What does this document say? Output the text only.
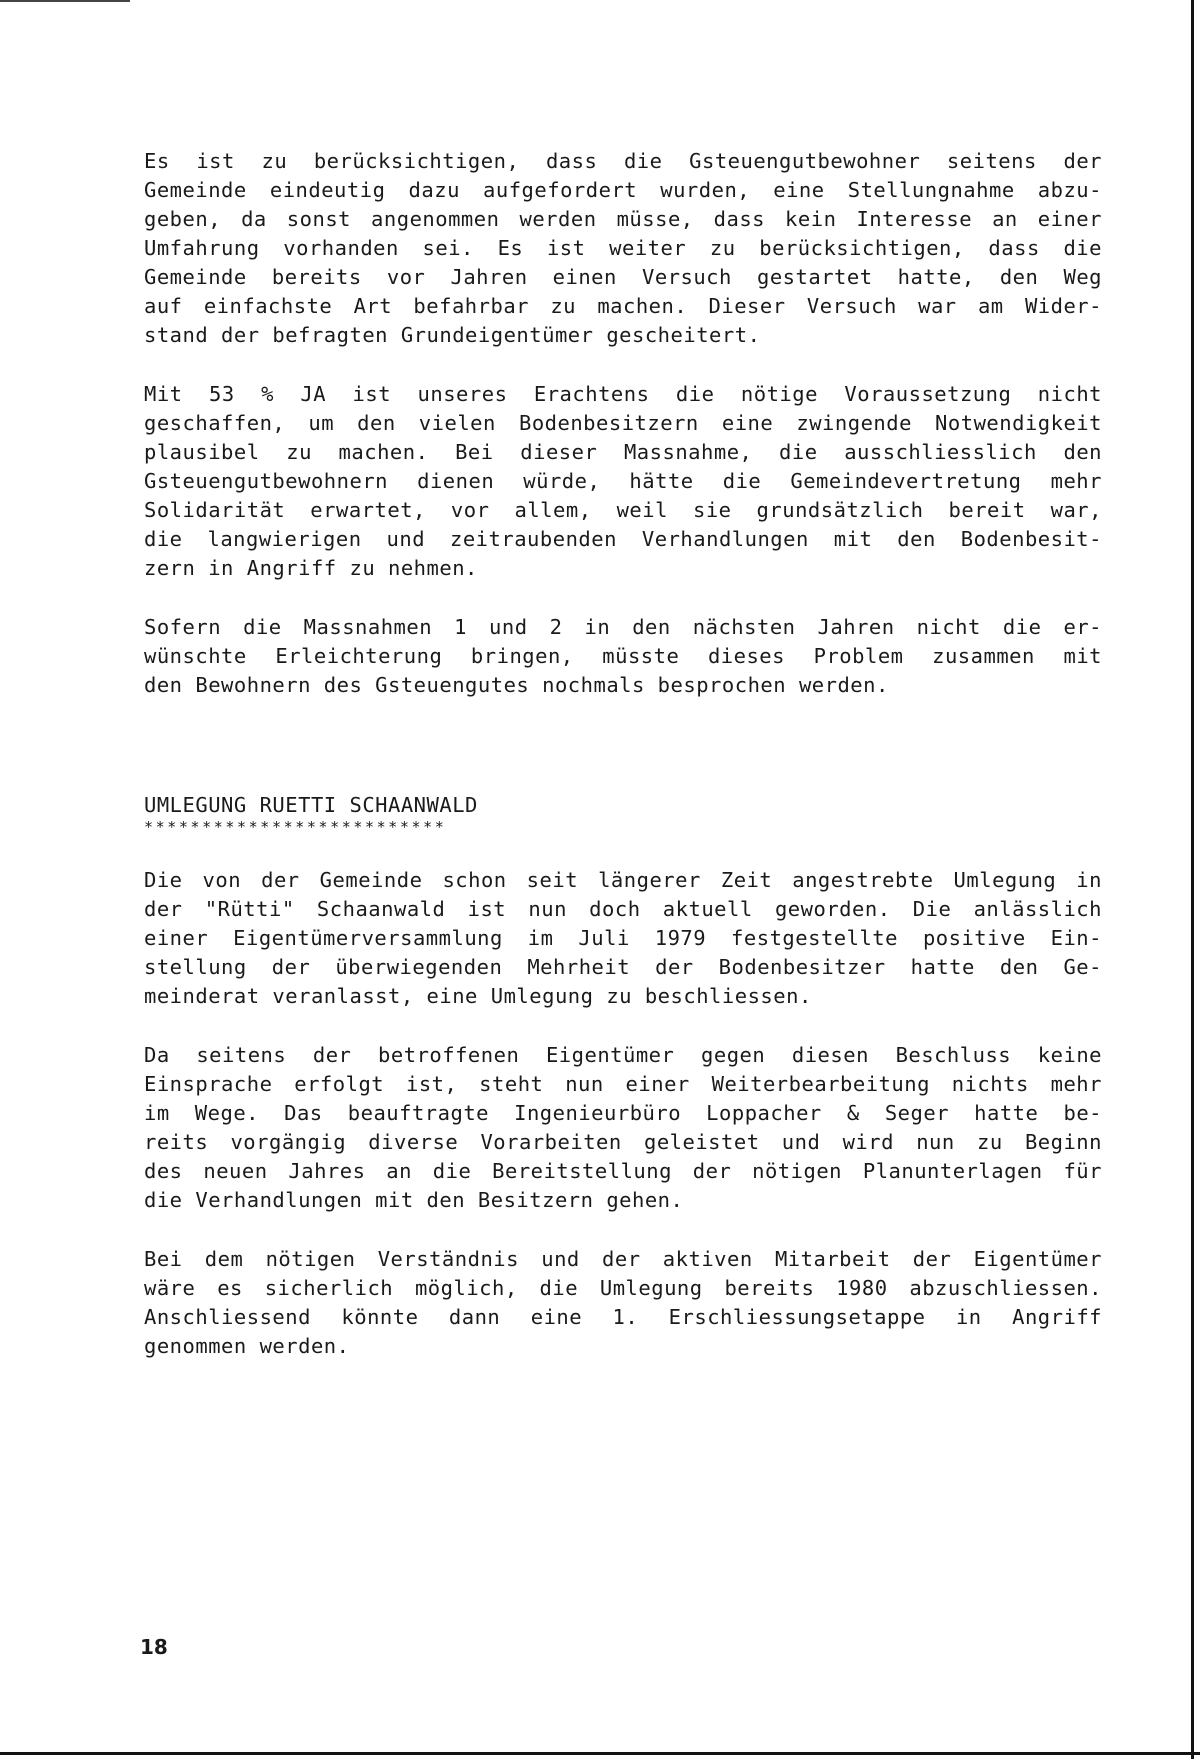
Es ist zu berücksichtigen, dass die Gsteuengutbewohner seitens der
Gemeinde eindeutig dazu aufgefordert wurden, eine Stellungnahme abzu-
geben, da sonst angenommen werden müsse, dass kein Interesse an einer
Umfahrung vorhanden sei. Es ist weiter zu berücksichtigen, dass die
Gemeinde bereits vor Jahren einen Versuch gestartet hatte, den Weg
auf einfachste Art befahrbar zu machen. Dieser Versuch war am Wider-
stand der befragten Grundeigentümer gescheitert.
Mit 53 % JA ist unseres Erachtens die nötige Voraussetzung nicht
geschaffen, um den vielen Bodenbesitzern eine zwingende Notwendigkeit
plausibel zu machen. Bei dieser Massnahme, die ausschliesslich den
Gsteuengutbewohnern dienen würde, hätte die Gemeindevertretung mehr
Solidarität erwartet, vor allem, weil sie grundsätzlich bereit war,
die langwierigen und zeitraubenden Verhandlungen mit den Bodenbesit-
zern in Angriff zu nehmen.
Sofern die Massnahmen 1 und 2 in den nächsten Jahren nicht die er-
wünschte Erleichterung bringen, müsste dieses Problem zusammen mit
den Bewohnern des Gsteuengutes nochmals besprochen werden.
UMLEGUNG RUETTI SCHAANWALD
**************************
Die von der Gemeinde schon seit längerer Zeit angestrebte Umlegung in
der "Rütti" Schaanwald ist nun doch aktuell geworden. Die anlässlich
einer Eigentümerversammlung im Juli 1979 festgestellte positive Ein-
stellung der überwiegenden Mehrheit der Bodenbesitzer hatte den Ge-
meinderat veranlasst, eine Umlegung zu beschliessen.
Da seitens der betroffenen Eigentümer gegen diesen Beschluss keine
Einsprache erfolgt ist, steht nun einer Weiterbearbeitung nichts mehr
im Wege. Das beauftragte Ingenieurbüro Loppacher & Seger hatte be-
reits vorgängig diverse Vorarbeiten geleistet und wird nun zu Beginn
des neuen Jahres an die Bereitstellung der nötigen Planunterlagen für
die Verhandlungen mit den Besitzern gehen.
Bei dem nötigen Verständnis und der aktiven Mitarbeit der Eigentümer
wäre es sicherlich möglich, die Umlegung bereits 1980 abzuschliessen.
Anschliessend könnte dann eine 1. Erschliessungsetappe in Angriff
genommen werden.
18
